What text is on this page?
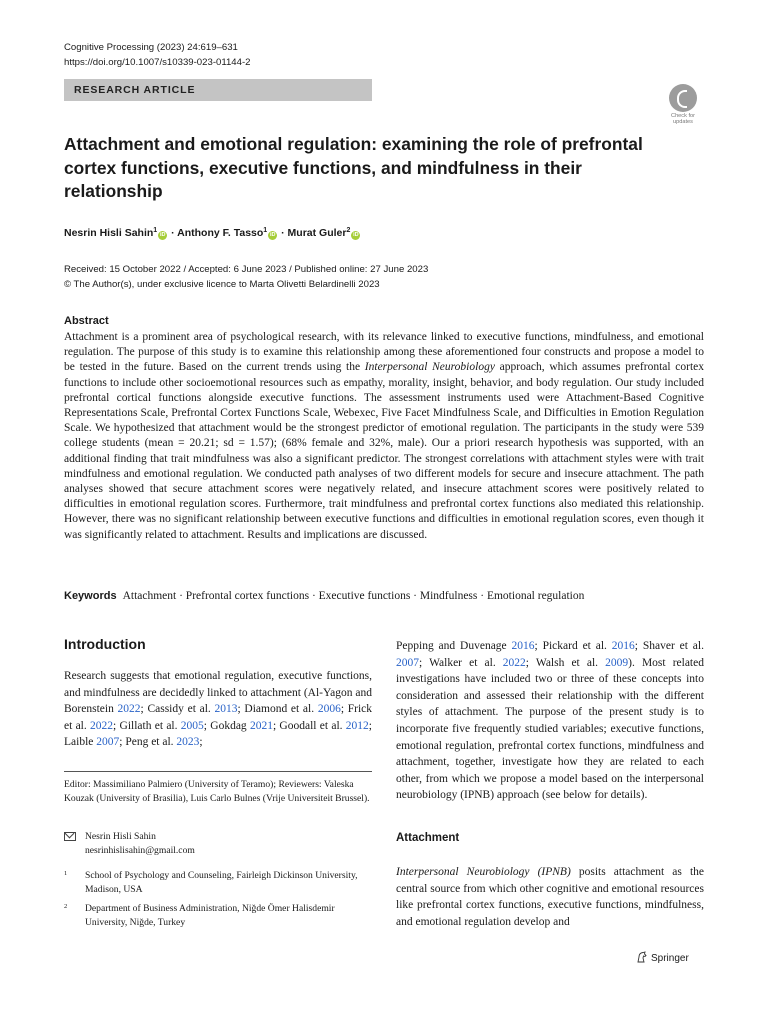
Cognitive Processing (2023) 24:619–631
https://doi.org/10.1007/s10339-023-01144-2
RESEARCH ARTICLE
Check for
updates
Attachment and emotional regulation: examining the role of prefrontal cortex functions, executive functions, and mindfulness in their relationship
Nesrin Hisli Sahin$^1$iD · Anthony F. Tasso$^1$iD · Murat Guler$^2$iD
Received: 15 October 2022 / Accepted: 6 June 2023 / Published online: 27 June 2023
© The Author(s), under exclusive licence to Marta Olivetti Belardinelli 2023
Abstract

Attachment is a prominent area of psychological research, with its relevance linked to executive functions, mindfulness, and emotional regulation. The purpose of this study is to examine this relationship among these aforementioned four constructs and propose a model to be tested in the future. Based on the current trends using the Interpersonal Neurobiology approach, which assumes prefrontal cortex functions to include other socioemotional resources such as empathy, morality, insight, behavior, and body regulation. Our study included prefrontal cortical functions alongside executive functions. The assessment instruments used were Attachment-Based Cognitive Representations Scale, Prefrontal Cortex Functions Scale, Webexec, Five Facet Mindfulness Scale, and Difficulties in Emotion Regulation Scale. We hypothesized that attachment would be the strongest predictor of emotional regulation. The participants in the study were 539 college students (mean = 20.21; sd = 1.57); (68% female and 32%, male). Our a priori research hypothesis was supported, with an additional finding that trait mindfulness was also a significant predictor. The strongest correlations with attachment styles were with trait mindfulness and emotional regulation. We conducted path analyses of two different models for secure and insecure attachment. The path analyses showed that secure attachment scores were negatively related, and insecure attachment scores were positively related to difficulties in emotional regulation scores. Furthermore, trait mindfulness and prefrontal cortex functions also mediated this relationship. However, there was no significant relationship between executive functions and difficulties in emotional regulation scores, even though it was significantly related to attachment. Results and implications are discussed.

Keywords Attachment · Prefrontal cortex functions · Executive functions · Mindfulness · Emotional regulation
Introduction

Research suggests that emotional regulation, executive functions, and mindfulness are decidedly linked to attachment (Al-Yagon and Borenstein 2022; Cassidy et al. 2013; Diamond et al. 2006; Frick et al. 2022; Gillath et al. 2005; Gokdag 2021; Goodall et al. 2012; Laible 2007; Peng et al. 2023;

Editor: Massimiliano Palmiero (University of Teramo); Reviewers: Valeska Kouzak (University of Brasilia), Luis Carlo Bulnes (Vrije Universiteit Brussel).

Nesrin Hisli Sahin
nesrinhislisahin@gmail.com
1 School of Psychology and Counseling, Fairleigh Dickinson University, Madison, USA
2 Department of Business Administration, Niğde Ömer Halisdemir University, Niğde, Turkey

Pepping and Duvenage 2016; Pickard et al. 2016; Shaver et al. 2007; Walker et al. 2022; Walsh et al. 2009). Most related investigations have included two or three of these concepts into consideration and assessed their relationship with the different styles of attachment. The purpose of the present study is to incorporate five frequently studied variables; executive functions, emotional regulation, prefrontal cortex functions, mindfulness and attachment, together, investigate how they are related to each other, from which we propose a model based on the interpersonal neurobiology (IPNB) approach (see below for details).

Attachment

Interpersonal Neurobiology (IPNB) posits attachment as the central source from which other cognitive and emotional resources like prefrontal cortex functions, executive functions, mindfulness, and emotional regulation develop and

Springer
